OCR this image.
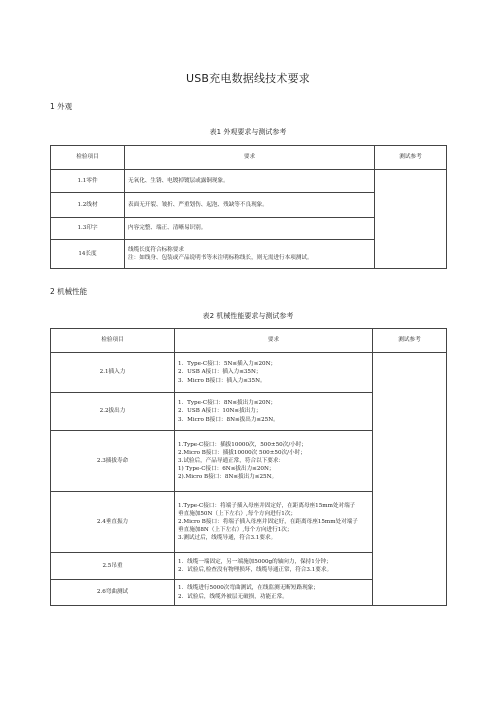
USB充电数据线技术要求
1 外观
表1 外观要求与测试参考
检验项目	要求	测试参考
1.1零件	无氧化、生锈、电镀掉镀层或露铜现象。	

1.2线材	表面无开裂、皱折、严重划伤、起泡、残缺等不良现象。	

1.3印字	内容完整、端正、清晰易识别。	

14长度	线缆长度符合标称要求
注：如线身、包装或产品说明书等未注明标称线长，则无需进行本项测试。	
2 机械性能
表2 机械性能要求与测试参考
检验项目	要求	测试参考
2.1插入力	1．Type-C接口：5N≤插入力≤20N；
2．USB A接口：插入力≤35N；
3．Micro B接口：插入力≤35N。	

2.2拔出力	1．Type-C接口：8N≤拔出力≤20N；
2．USB A接口：10N≤拔出力；
3．Micro B接口：8N≤拔出力≤25N。	

2.3插拔寿命	1.Type-C接口：插拔10000次，500±50次/小时；
2.Micro B接口：插拔10000次 500±50次/小时；
3.试验后，产品导通正常，符合以下要求：
1) Type-C接口：6N≤拔出力≤20N；
2).Micro B接口：8N≤拔出力≤25N。	

2.4垂直振力	1.Type-C接口：将端子插入母座并固定好，在距离母座15mm处对端子
垂直施加50N（上下左右）,每个方向进行1次；
2.Micro B接口：将端子插入母座并固定好，在距离母座15mm处对端子
垂直施加8N（上下左右）,每个方向进行1次；
3.测试过后，线缆导通，符合3.1要求。	

2.5吊重	1．线缆一端固定，另一端施加5000g的轴向力，保持1分钟；
2．试验后,检查没有物理损坏，线缆导通正常，符合3.1要求。	

2.6弯曲测试	1．线缆进行5000次弯曲测试，在线监测无断短路现象；
2．试验后，线缆外被层无破损，功能正常。	
